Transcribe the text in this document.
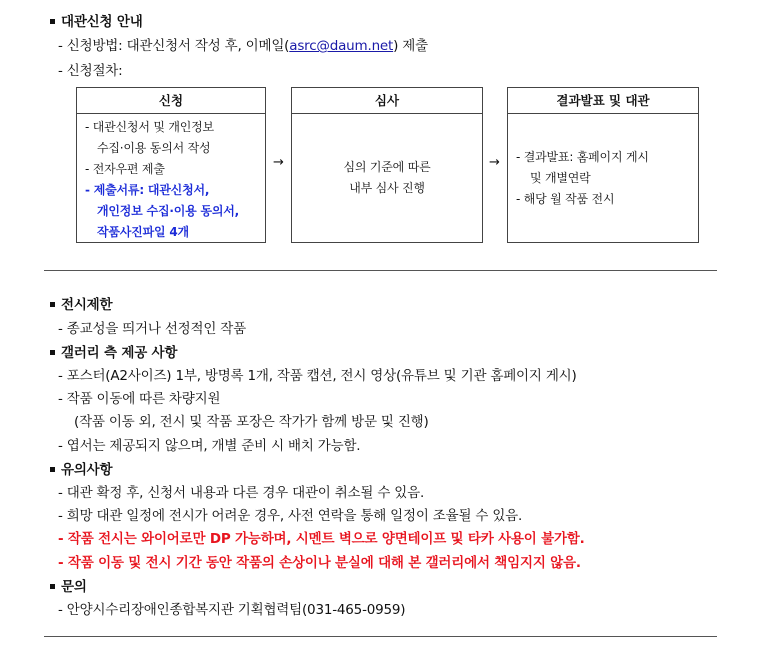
대관신청 안내
- 신청방법: 대관신청서 작성 후, 이메일(asrc@daum.net) 제출
- 신청절차:
신청
- 대관신청서 및 개인정보
수집·이용 동의서 작성
- 전자우편 제출
- 제출서류: 대관신청서,
개인정보 수집·이용 동의서,
작품사진파일 4개
→
심사
심의 기준에 따른
내부 심사 진행
→
결과발표 및 대관
- 결과발표: 홈페이지 게시
및 개별연락
- 해당 월 작품 전시
전시제한
- 종교성을 띄거나 선정적인 작품
갤러리 측 제공 사항
- 포스터(A2사이즈) 1부, 방명록 1개, 작품 캡션, 전시 영상(유튜브 및 기관 홈페이지 게시)
- 작품 이동에 따른 차량지원
(작품 이동 외, 전시 및 작품 포장은 작가가 함께 방문 및 진행)
- 엽서는 제공되지 않으며, 개별 준비 시 배치 가능함.
유의사항
- 대관 확정 후, 신청서 내용과 다른 경우 대관이 취소될 수 있음.
- 희망 대관 일정에 전시가 어려운 경우, 사전 연락을 통해 일정이 조율될 수 있음.
- 작품 전시는 와이어로만 DP 가능하며, 시멘트 벽으로 양면테이프 및 타카 사용이 불가함.
- 작품 이동 및 전시 기간 동안 작품의 손상이나 분실에 대해 본 갤러리에서 책임지지 않음.
문의
- 안양시수리장애인종합복지관 기획협력팀(031-465-0959)
